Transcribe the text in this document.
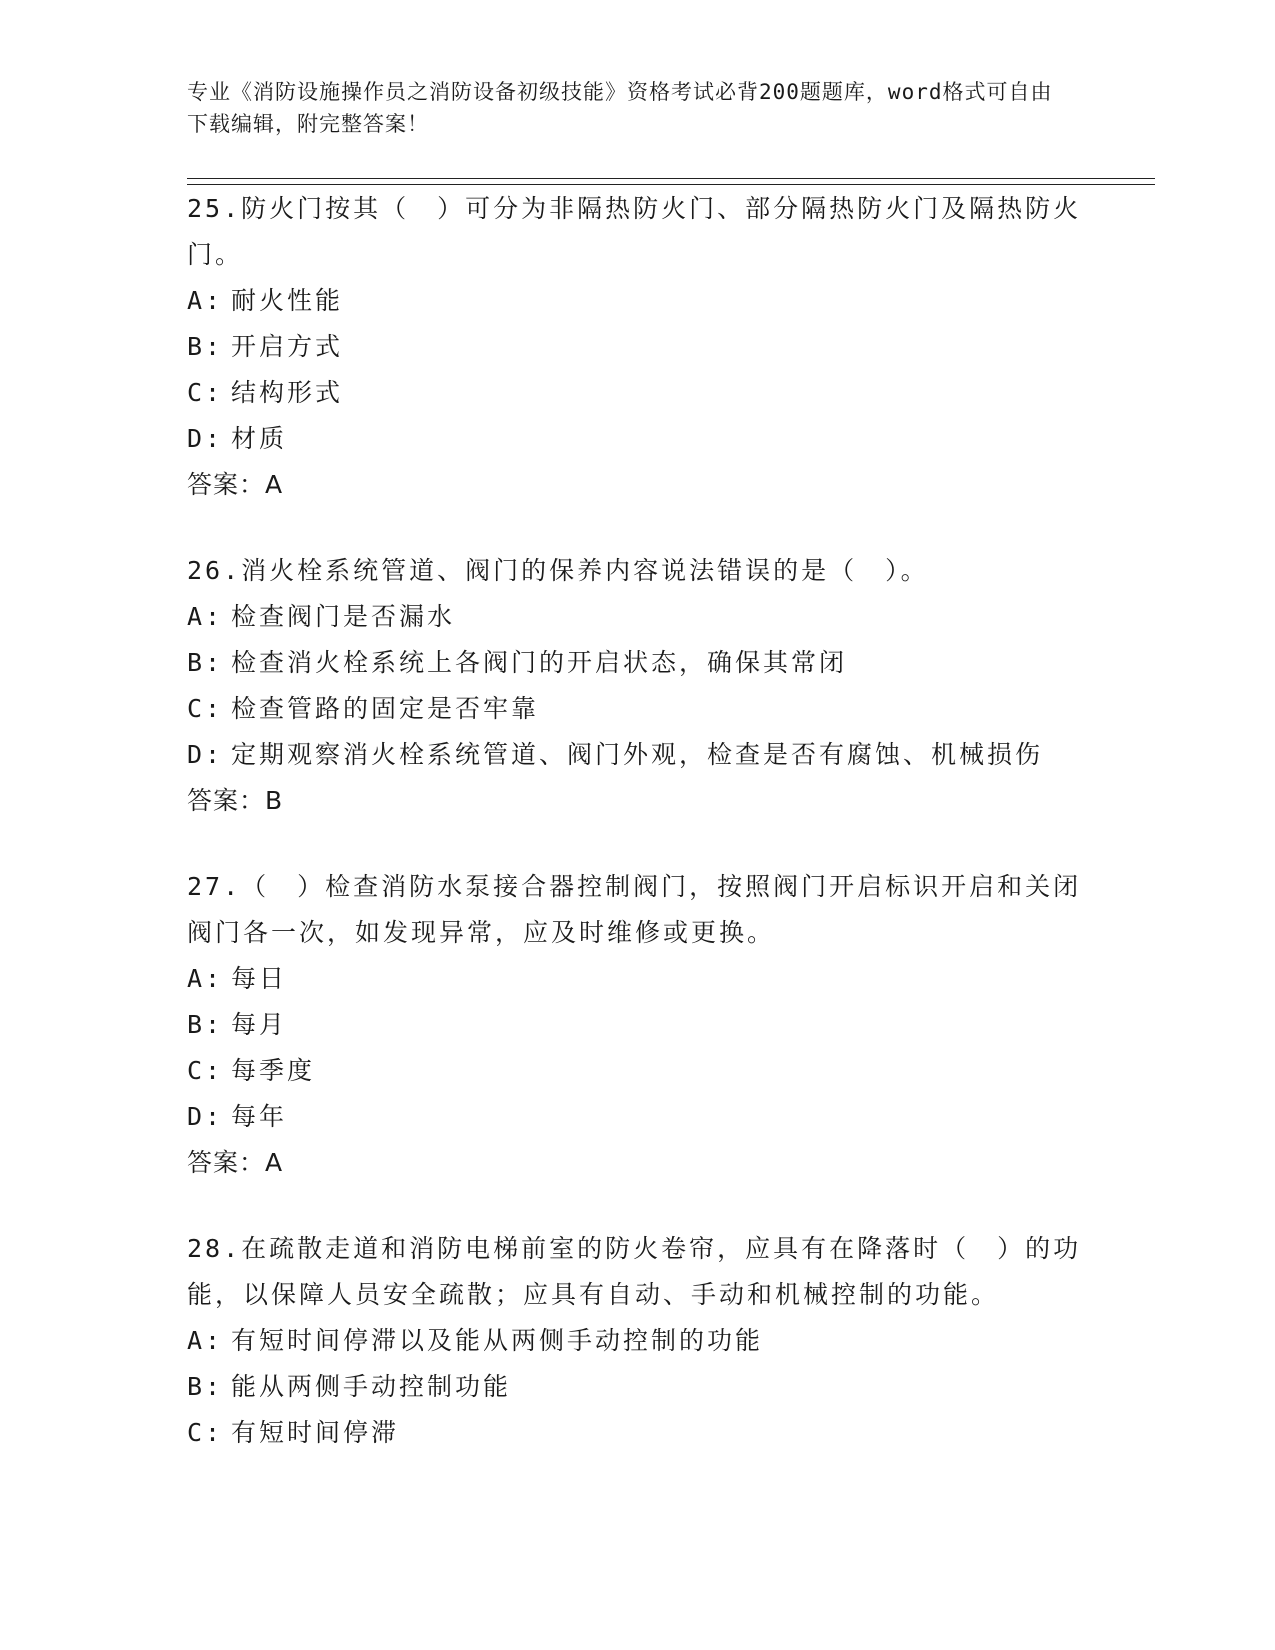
专业《消防设施操作员之消防设备初级技能》资格考试必背200题题库，word格式可自由下载编辑，附完整答案！

25.防火门按其（　）可分为非隔热防火门、部分隔热防火门及隔热防火门。

A: 耐火性能

B: 开启方式

C: 结构形式

D: 材质

答案：A

26.消火栓系统管道、阀门的保养内容说法错误的是（　）。

A: 检查阀门是否漏水

B: 检查消火栓系统上各阀门的开启状态，确保其常闭

C: 检查管路的固定是否牢靠

D: 定期观察消火栓系统管道、阀门外观，检查是否有腐蚀、机械损伤

答案：B

27.（　）检查消防水泵接合器控制阀门，按照阀门开启标识开启和关闭阀门各一次，如发现异常，应及时维修或更换。

A: 每日

B: 每月

C: 每季度

D: 每年

答案：A

28.在疏散走道和消防电梯前室的防火卷帘，应具有在降落时（　）的功能，以保障人员安全疏散；应具有自动、手动和机械控制的功能。

A: 有短时间停滞以及能从两侧手动控制的功能

B: 能从两侧手动控制功能

C: 有短时间停滞
